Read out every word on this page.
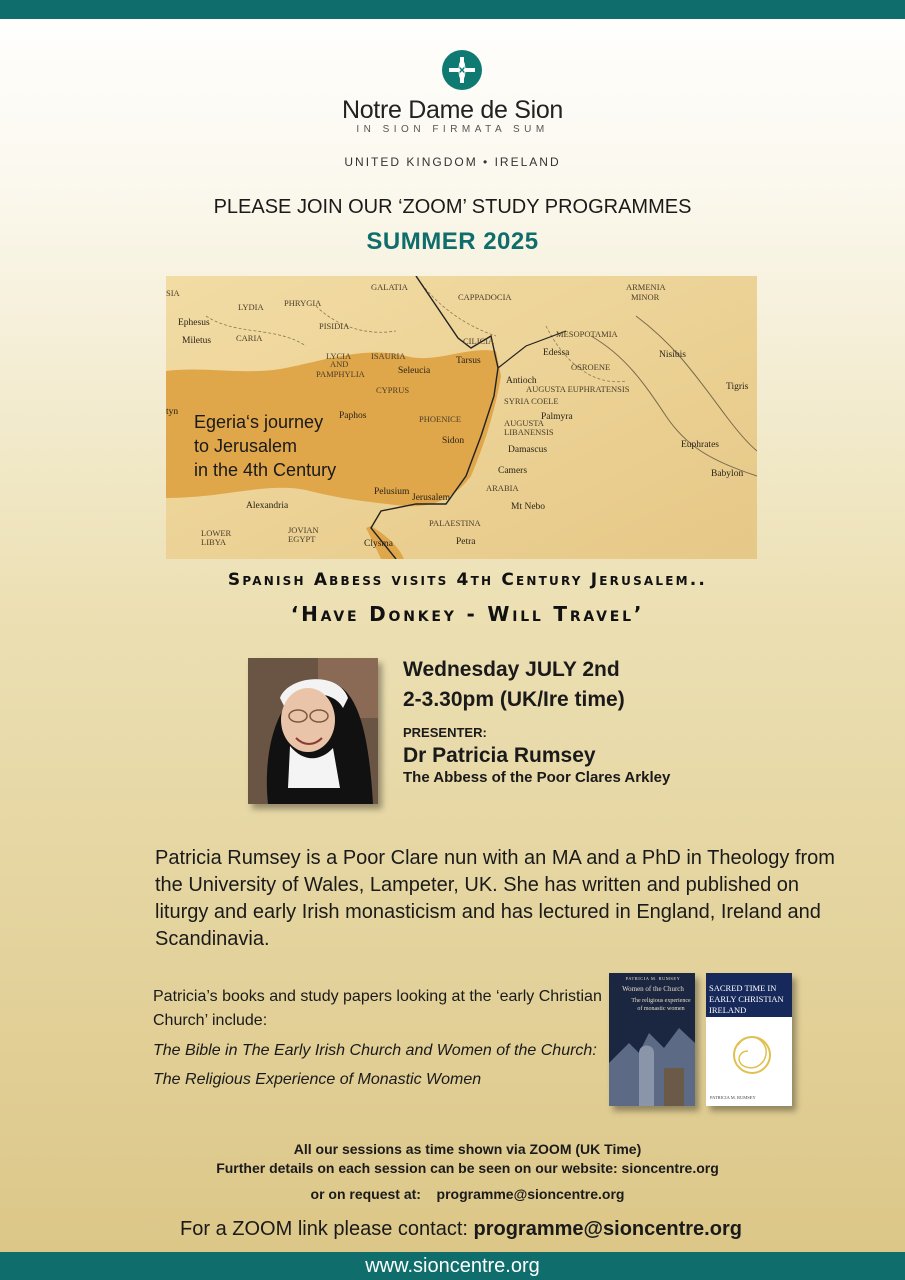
Notre Dame de Sion
IN SION FIRMATA SUM
UNITED KINGDOM • IRELAND
PLEASE JOIN OUR ‘ZOOM’ STUDY PROGRAMMES
SUMMER 2025
GALATIA
CAPPADOCIA
ARMENIA
MINOR
LYDIA PHRYGIA
PISIDIA
CARIA
LYCIA
AND
PAMPHYLIA
ISAURIA
CILICIA
MESOPOTAMIA
OSROENE
AUGUSTA EUPHRATENSIS
CYPRUS
SYRIA COELE
PHOENICE	AUGUSTA
LIBANENSIS
ARABIA
PALAESTINA
JOVIAN
EGYPT
LOWER
LIBYA
SIA
Ephesus
Miletus
Tarsus
Seleucia
Edessa	Nisibis
Antioch
Tigris
Paphos	Palmyra
Sidon
Damascus	Euphrates
Camers	Babylon
Alexandria
Pelusium
Jerusalem
Mt Nebo
Petra
Clysma
tyn Egeria‘s journey
to Jerusalem
in the 4th Century
Spanish Abbess visits 4th Century Jerusalem..
‘Have Donkey - Will Travel’
Wednesday JULY 2nd
2-3.30pm (UK/Ire time)
PRESENTER:
Dr Patricia Rumsey
The Abbess of the Poor Clares Arkley
Patricia Rumsey is a Poor Clare nun with an MA and a PhD in Theology from the University of Wales, Lampeter, UK. She has written and published on liturgy and early Irish monasticism and has lectured in England, Ireland and Scandinavia.
Patricia’s books and study papers looking at the ‘early Christian Church’ include:
The Bible in The Early Irish Church and Women of the Church: The Religious Experience of Monastic Women
PATRICIA M. RUMSEY
Women of the Church
The religious experience of monastic women
SACRED TIME IN EARLY CHRISTIAN IRELAND
PATRICIA M. RUMSEY
All our sessions as time shown via ZOOM (UK Time)
Further details on each session can be seen on our website: sioncentre.org
or on request at: programme@sioncentre.org
For a ZOOM link please contact: programme@sioncentre.org
www.sioncentre.org
